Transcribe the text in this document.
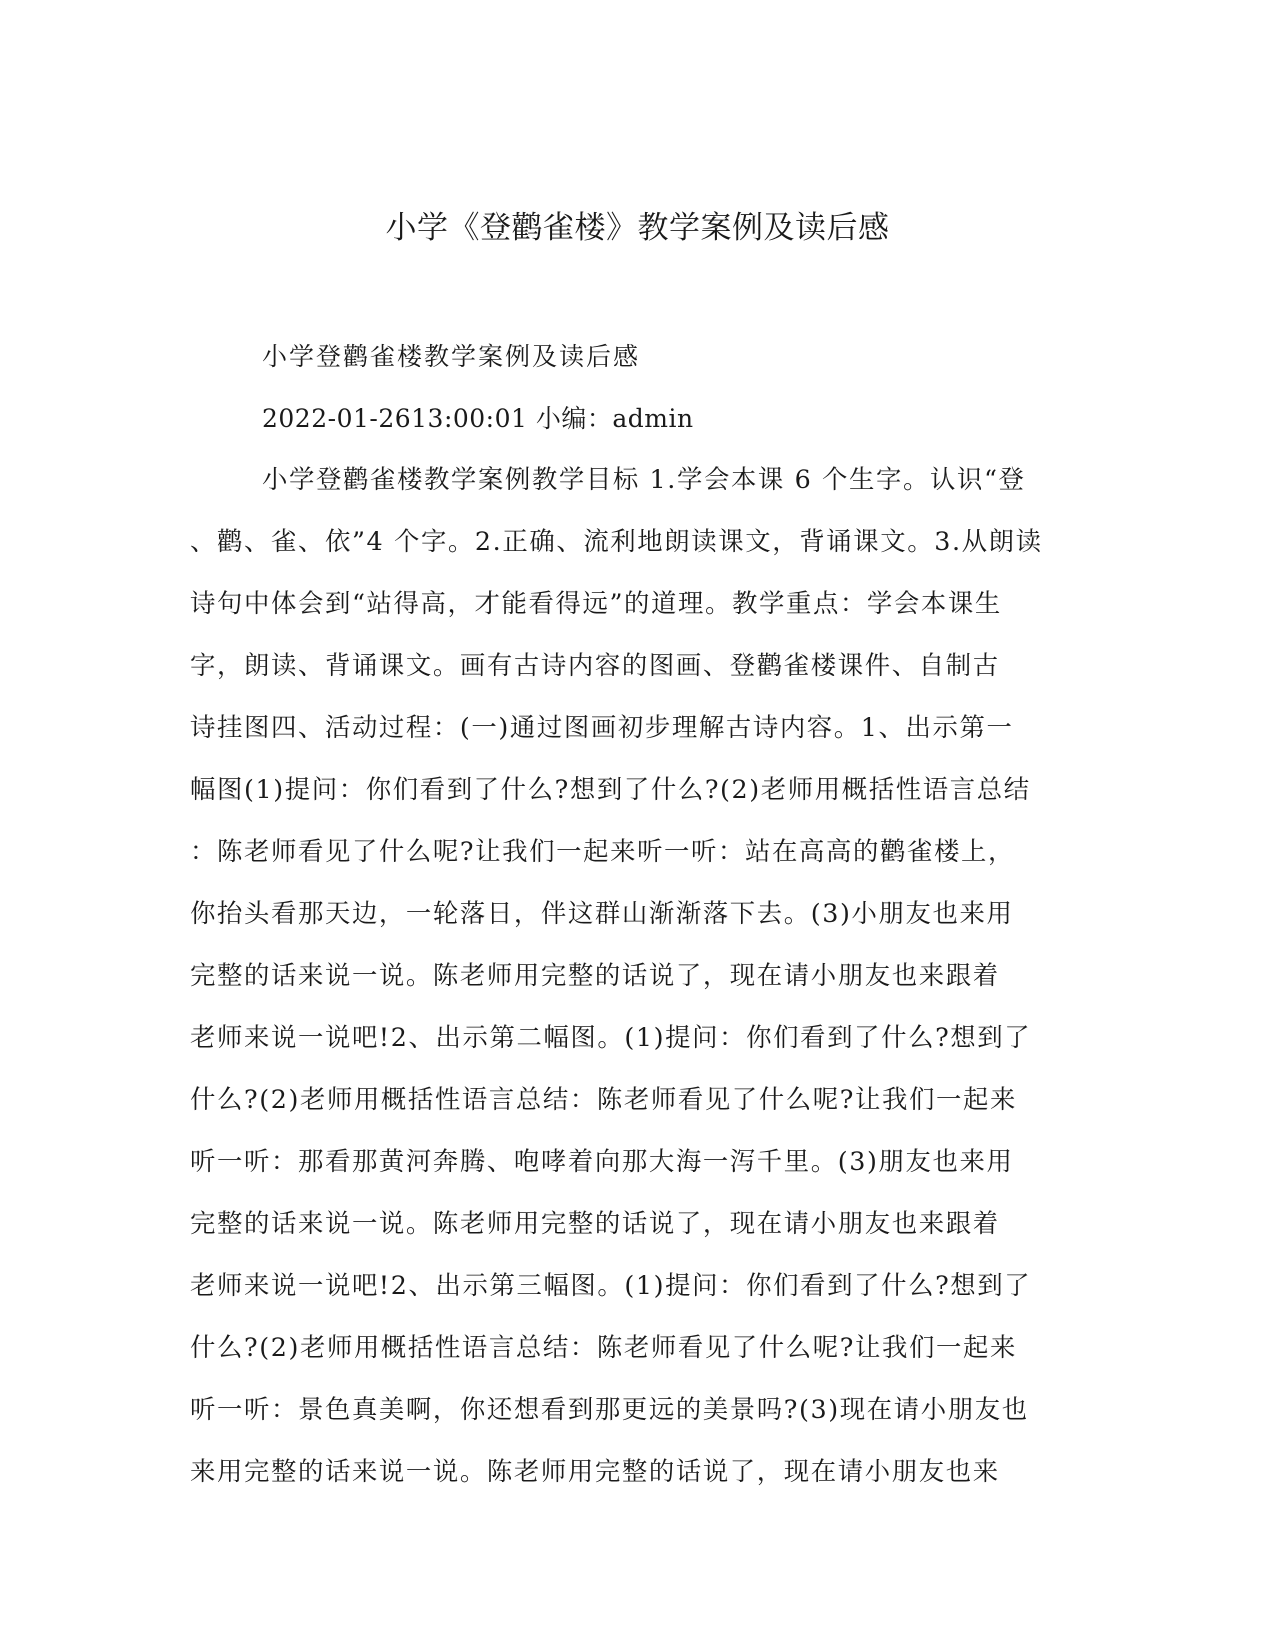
小学《登鹳雀楼》教学案例及读后感
小学登鹳雀楼教学案例及读后感
2022-01-2613:00:01 小编：admin
小学登鹳雀楼教学案例教学目标 1.学会本课 6 个生字。认识“登
、鹳、雀、依”4 个字。2.正确、流利地朗读课文，背诵课文。3.从朗读
诗句中体会到“站得高，才能看得远”的道理。教学重点：学会本课生
字，朗读、背诵课文。画有古诗内容的图画、登鹳雀楼课件、自制古
诗挂图四、活动过程：(一)通过图画初步理解古诗内容。1、出示第一
幅图(1)提问：你们看到了什么?想到了什么?(2)老师用概括性语言总结
：陈老师看见了什么呢?让我们一起来听一听：站在高高的鹳雀楼上，
你抬头看那天边，一轮落日，伴这群山渐渐落下去。(3)小朋友也来用
完整的话来说一说。陈老师用完整的话说了，现在请小朋友也来跟着
老师来说一说吧!2、出示第二幅图。(1)提问：你们看到了什么?想到了
什么?(2)老师用概括性语言总结：陈老师看见了什么呢?让我们一起来
听一听：那看那黄河奔腾、咆哮着向那大海一泻千里。(3)朋友也来用
完整的话来说一说。陈老师用完整的话说了，现在请小朋友也来跟着
老师来说一说吧!2、出示第三幅图。(1)提问：你们看到了什么?想到了
什么?(2)老师用概括性语言总结：陈老师看见了什么呢?让我们一起来
听一听：景色真美啊，你还想看到那更远的美景吗?(3)现在请小朋友也
来用完整的话来说一说。陈老师用完整的话说了，现在请小朋友也来
